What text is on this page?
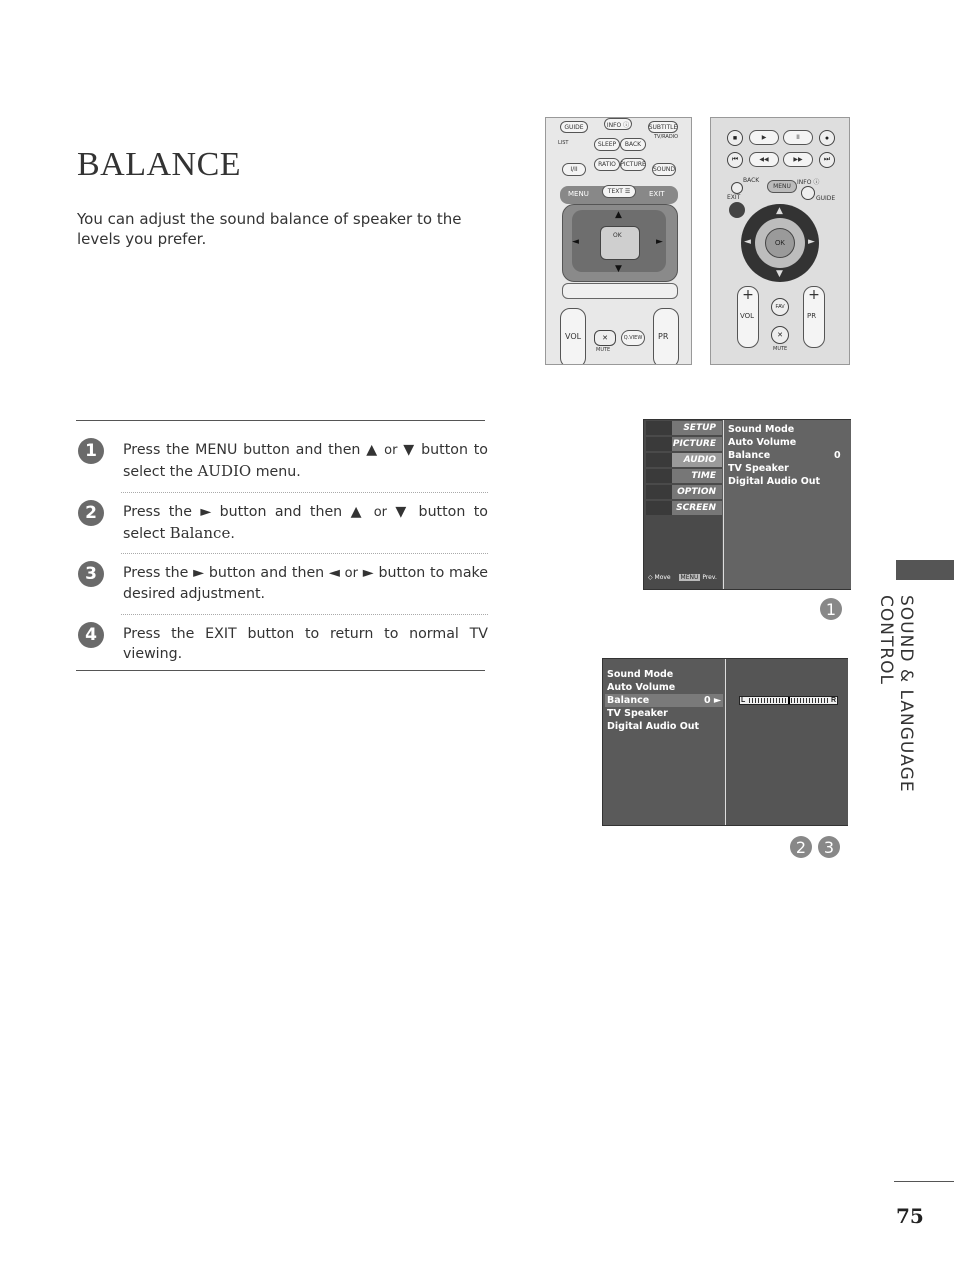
BALANCE
You can adjust the sound balance of speaker to the levels you prefer.
1	Press the MENU button and then ▲ or ▼ button to select the AUDIO menu.
2	Press the ► button and then ▲ or ▼ button to select Balance.
3	Press the ► button and then ◄ or ► button to make desired adjustment.
4	Press the EXIT button to return to normal TV viewing.
GUIDE	INFO ⓘ	SUBTITLE
SLEEP	BACK
TV/RADIO
LIST
I/II
RATIO PICTURE
SOUND
MENU	TEXT ☰	EXIT
OK
▲
▼
◄	►
VOL	PR
✕
MUTE
Q.VIEW
■	▶	II	●
⏮	◀◀	▶▶	⏭
BACK
MENU
INFO ⓘ
EXIT	GUIDE
OK
▲
▼
◄	►
+
VOL
+
PR
FAV
✕
MUTE
SETUP
PICTURE
AUDIO
TIME
OPTION
SCREEN
Sound Mode
Auto Volume
Balance	0
TV Speaker
Digital Audio Out
◇ Move MENU Prev.
1
Sound Mode
Auto Volume
Balance	0 ►
TV Speaker
Digital Audio Out
L	R
2	3
SOUND & LANGUAGE CONTROL
75
